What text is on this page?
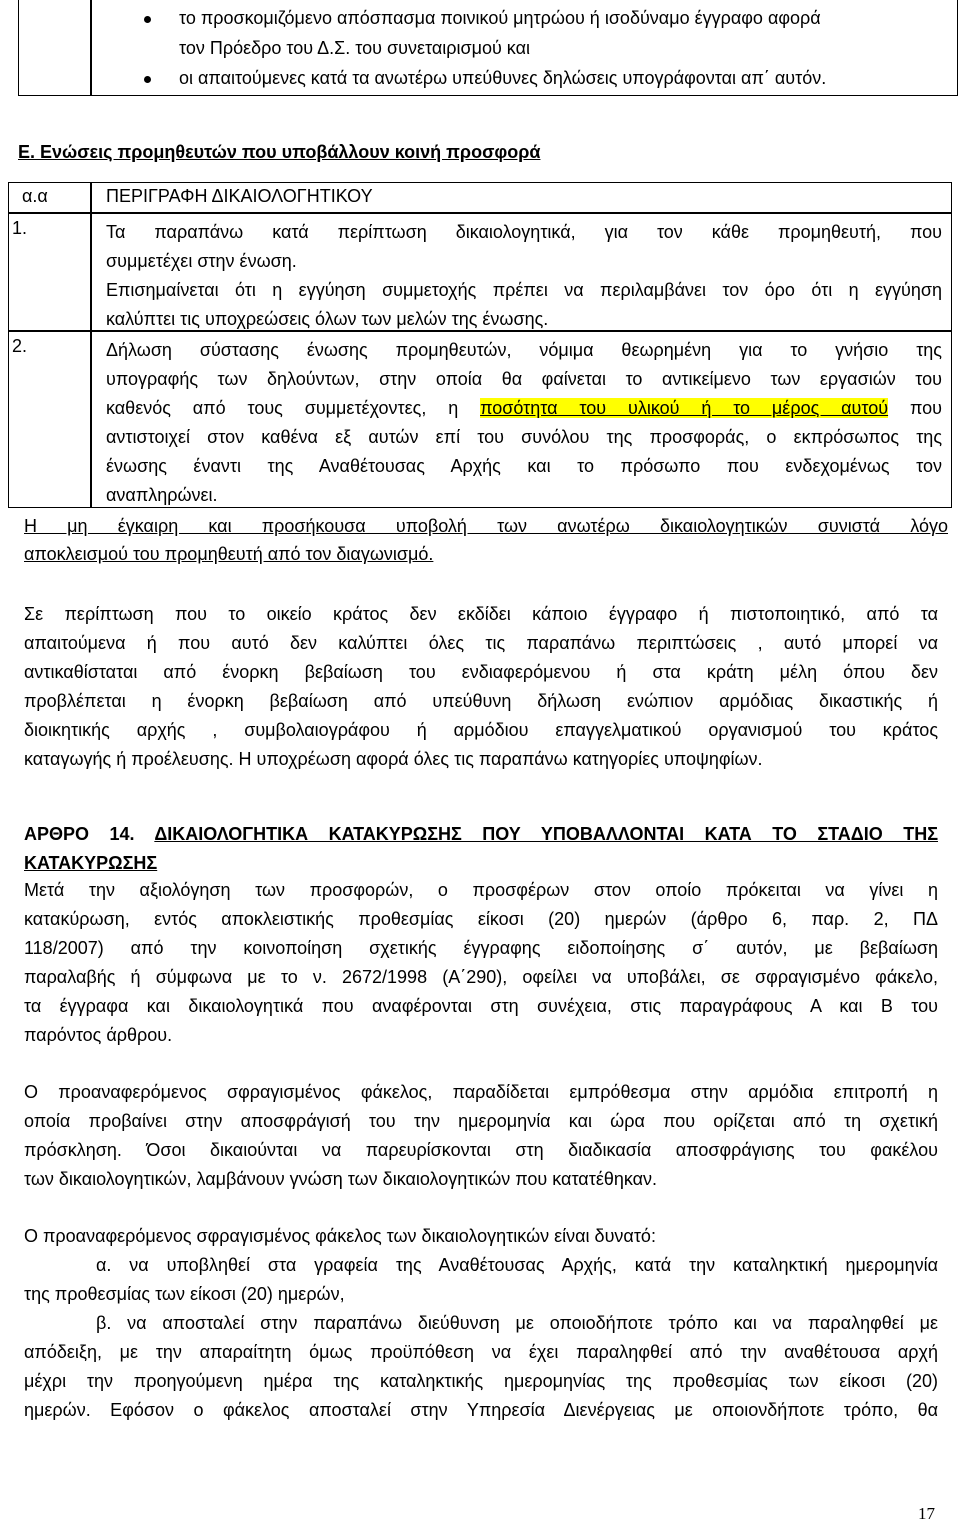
το προσκομιζόμενο απόσπασμα ποινικού μητρώου ή ισοδύναμο έγγραφο αφορά
τον Πρόεδρο του Δ.Σ. του συνεταιρισμού και
οι απαιτούμενες κατά τα ανωτέρω υπεύθυνες δηλώσεις υπογράφονται απ΄ αυτόν.
Ε. Ενώσεις προμηθευτών που υποβάλλουν κοινή προσφορά
α.α	ΠΕΡΙΓΡΑΦΗ ΔΙΚΑΙΟΛΟΓΗΤΙΚΟΥ
1.	Τα παραπάνω κατά περίπτωση δικαιολογητικά, για τον κάθε προμηθευτή, που
συμμετέχει στην ένωση.
Επισημαίνεται ότι η εγγύηση συμμετοχής πρέπει να περιλαμβάνει τον όρο ότι η εγγύηση
καλύπτει τις υποχρεώσεις όλων των μελών της ένωσης.
2.	Δήλωση σύστασης ένωσης προμηθευτών, νόμιμα θεωρημένη για το γνήσιο της
υπογραφής των δηλούντων, στην οποία θα φαίνεται το αντικείμενο των εργασιών του
καθενός από τους συμμετέχοντες, η ποσότητα του υλικού ή το μέρος αυτού που
αντιστοιχεί στον καθένα εξ αυτών επί του συνόλου της προσφοράς, ο εκπρόσωπος της
ένωσης έναντι της Αναθέτουσας Αρχής και το πρόσωπο που ενδεχομένως τον
αναπληρώνει.
Η μη έγκαιρη και προσήκουσα υποβολή των ανωτέρω δικαιολογητικών συνιστά λόγο
αποκλεισμού του προμηθευτή από τον διαγωνισμό.
Σε περίπτωση που το οικείο κράτος δεν εκδίδει κάποιο έγγραφο ή πιστοποιητικό, από τα
απαιτούμενα ή που αυτό δεν καλύπτει όλες τις παραπάνω περιπτώσεις , αυτό μπορεί να
αντικαθίσταται από ένορκη βεβαίωση του ενδιαφερόμενου ή στα κράτη μέλη όπου δεν
προβλέπεται η ένορκη βεβαίωση από υπεύθυνη δήλωση ενώπιον αρμόδιας δικαστικής ή
διοικητικής αρχής , συμβολαιογράφου ή αρμόδιου επαγγελματικού οργανισμού του κράτος
καταγωγής ή προέλευσης. Η υποχρέωση αφορά όλες τις παραπάνω κατηγορίες υποψηφίων.
ΑΡΘΡΟ 14. ΔΙΚΑΙΟΛΟΓΗΤΙΚΑ ΚΑΤΑΚΥΡΩΣΗΣ ΠΟΥ ΥΠΟΒΑΛΛΟΝΤΑΙ ΚΑΤΑ ΤΟ ΣΤΑΔΙΟ ΤΗΣ
ΚΑΤΑΚΥΡΩΣΗΣ
Μετά την αξιολόγηση των προσφορών, ο προσφέρων στον οποίο πρόκειται να γίνει η
κατακύρωση, εντός αποκλειστικής προθεσμίας είκοσι (20) ημερών (άρθρο 6, παρ. 2, ΠΔ
118/2007) από την κοινοποίηση σχετικής έγγραφης ειδοποίησης σ΄ αυτόν, με βεβαίωση
παραλαβής ή σύμφωνα με το ν. 2672/1998 (Α΄290), οφείλει να υποβάλει, σε σφραγισμένο φάκελο,
τα έγγραφα και δικαιολογητικά που αναφέρονται στη συνέχεια, στις παραγράφους Α και Β του
παρόντος άρθρου.
Ο προαναφερόμενος σφραγισμένος φάκελος, παραδίδεται εμπρόθεσμα στην αρμόδια επιτροπή η
οποία προβαίνει στην αποσφράγισή του την ημερομηνία και ώρα που ορίζεται από τη σχετική
πρόσκληση. Όσοι δικαιούνται να παρευρίσκονται στη διαδικασία αποσφράγισης του φακέλου
των δικαιολογητικών, λαμβάνουν γνώση των δικαιολογητικών που κατατέθηκαν.
Ο προαναφερόμενος σφραγισμένος φάκελος των δικαιολογητικών είναι δυνατό:
α. να υποβληθεί στα γραφεία της Αναθέτουσας Αρχής, κατά την καταληκτική ημερομηνία
της προθεσμίας των είκοσι (20) ημερών,
β. να αποσταλεί στην παραπάνω διεύθυνση με οποιοδήποτε τρόπο και να παραληφθεί με
απόδειξη, με την απαραίτητη όμως προϋπόθεση να έχει παραληφθεί από την αναθέτουσα αρχή
μέχρι την προηγούμενη ημέρα της καταληκτικής ημερομηνίας της προθεσμίας των είκοσι (20)
ημερών. Εφόσον ο φάκελος αποσταλεί στην Υπηρεσία Διενέργειας με οποιονδήποτε τρόπο, θα
17
